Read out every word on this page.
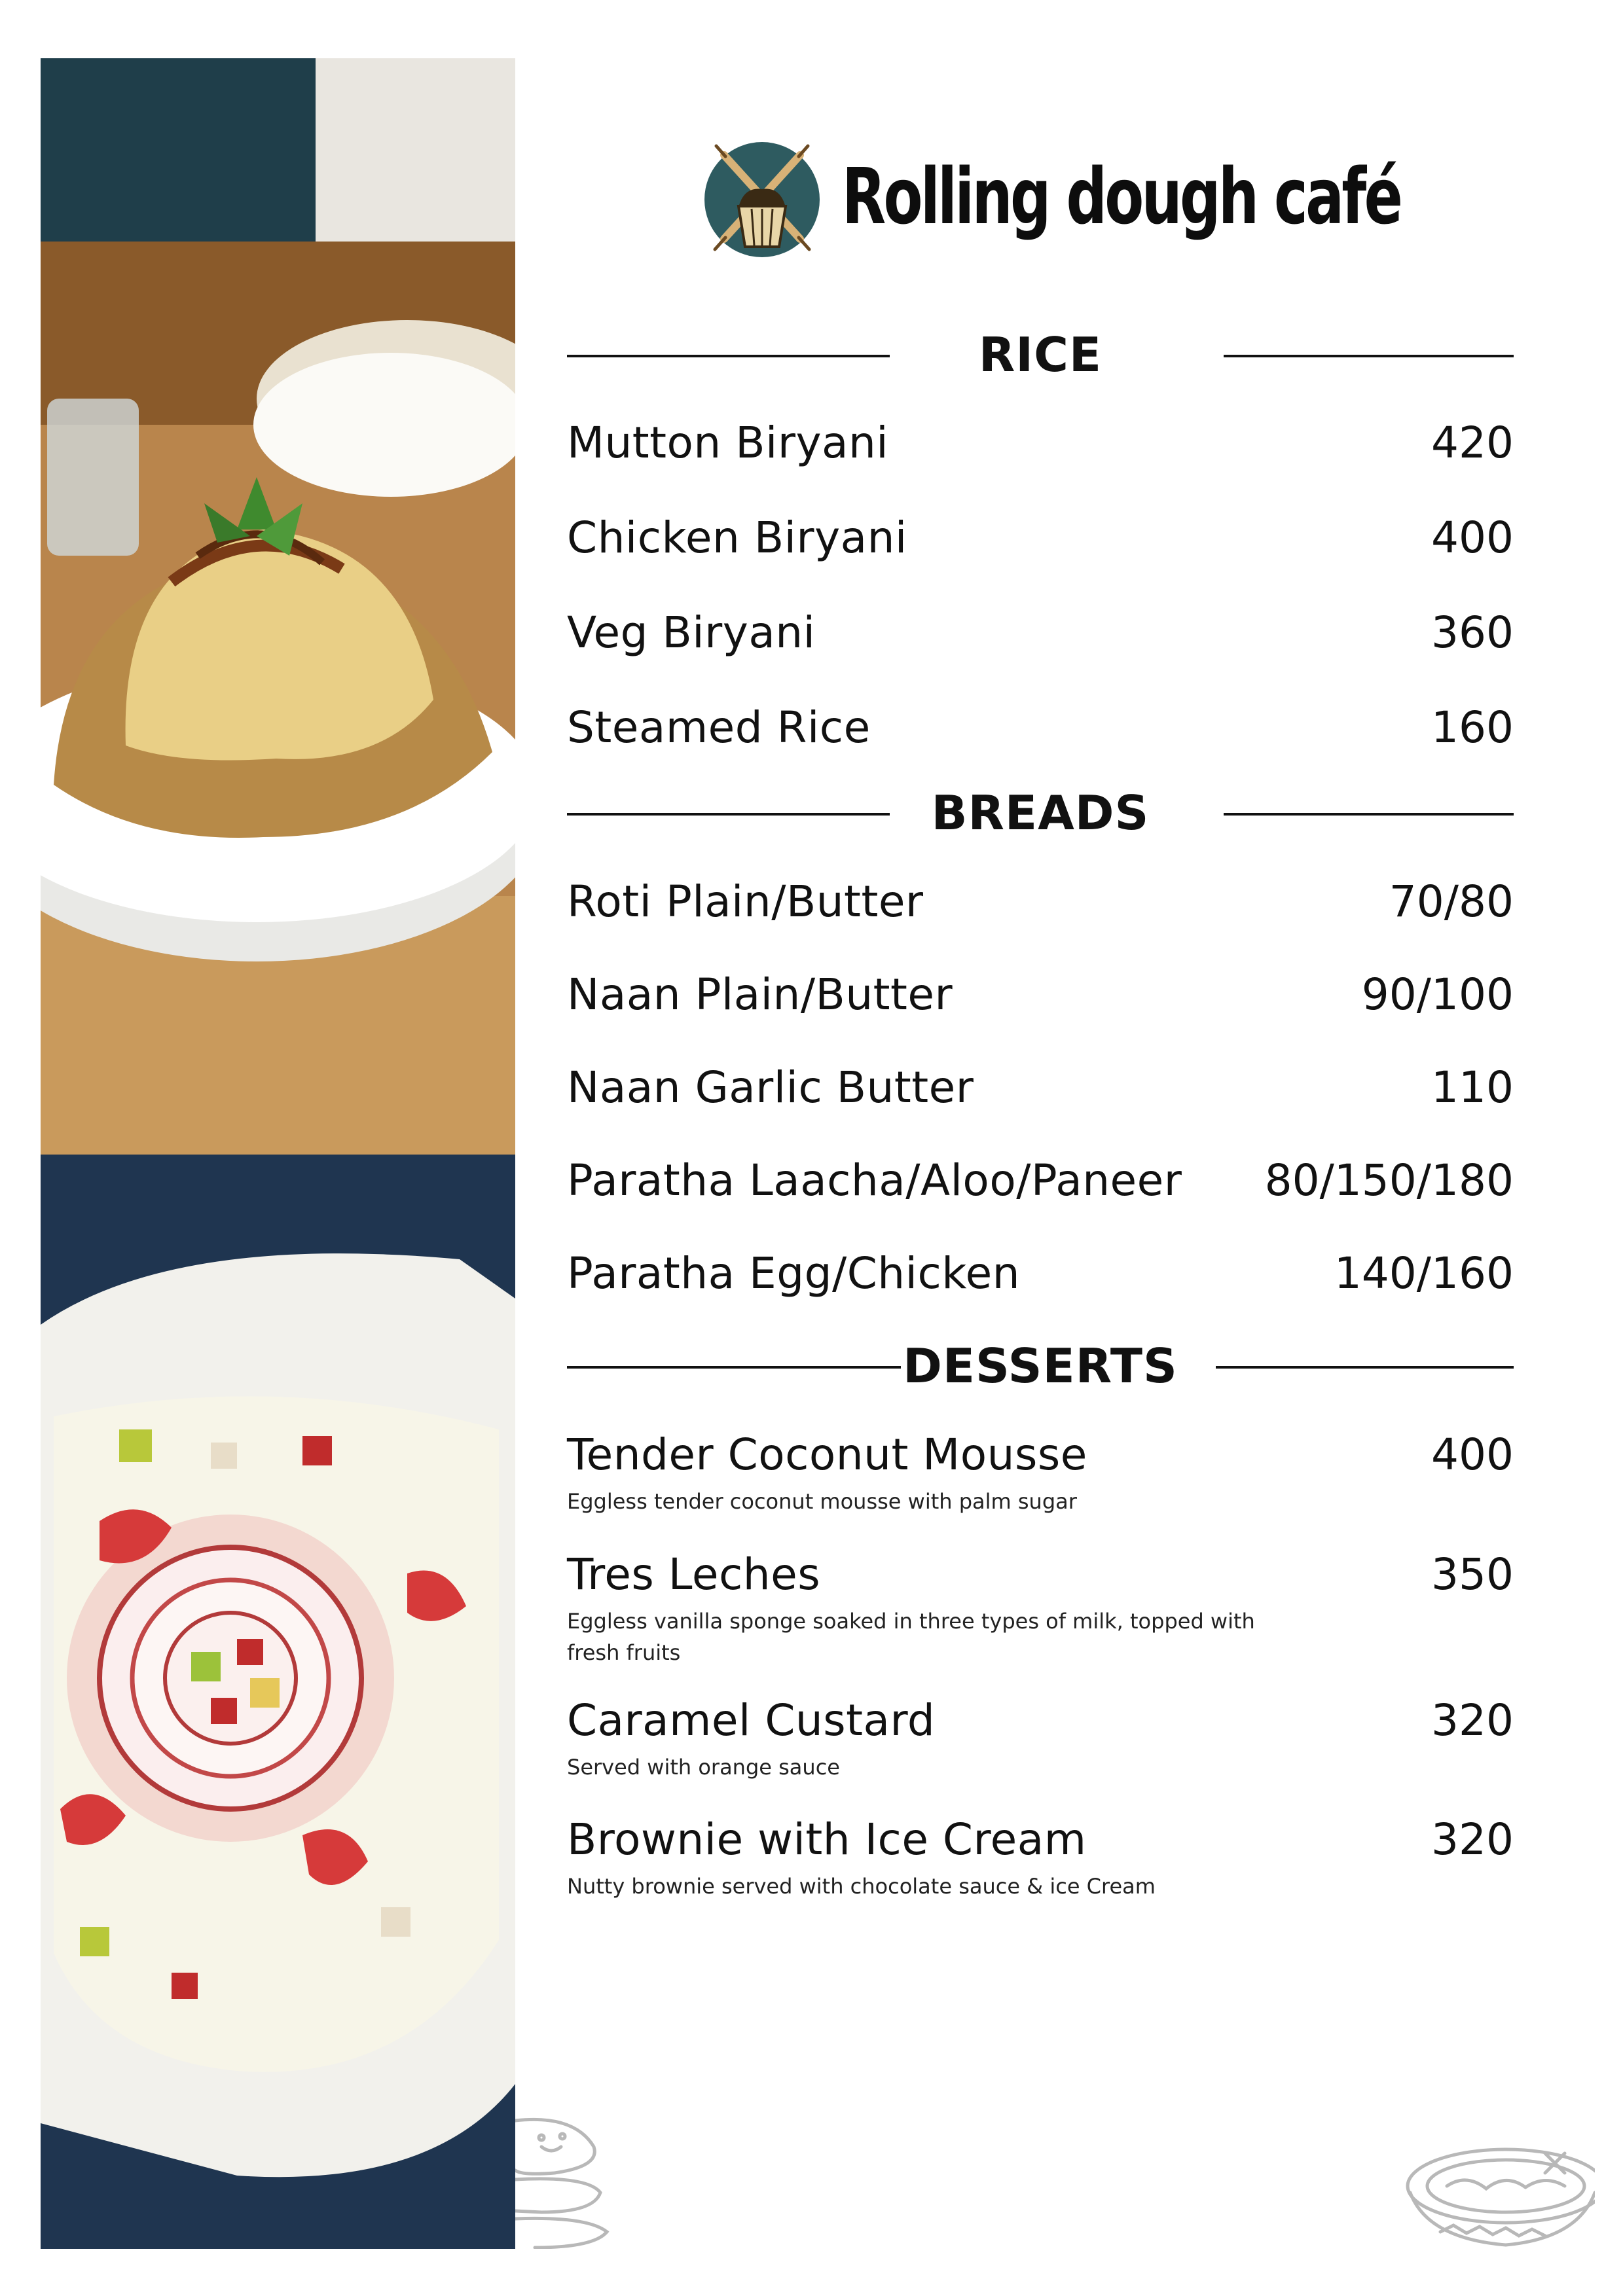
Rolling dough café
RICE
Mutton Biryani	420
Chicken Biryani	400
Veg Biryani	360
Steamed Rice	160
BREADS
Roti Plain/Butter	70/80
Naan Plain/Butter	90/100
Naan Garlic Butter	110
Paratha Laacha/Aloo/Paneer 80/150/180
Paratha Egg/Chicken	140/160
DESSERTS
Tender Coconut Mousse	400
Eggless tender coconut mousse with palm sugar
Tres Leches	350
Eggless vanilla sponge soaked in three types of milk, topped with fresh fruits
Caramel Custard	320
Served with orange sauce
Brownie with Ice Cream	320
Nutty brownie served with chocolate sauce & ice Cream
